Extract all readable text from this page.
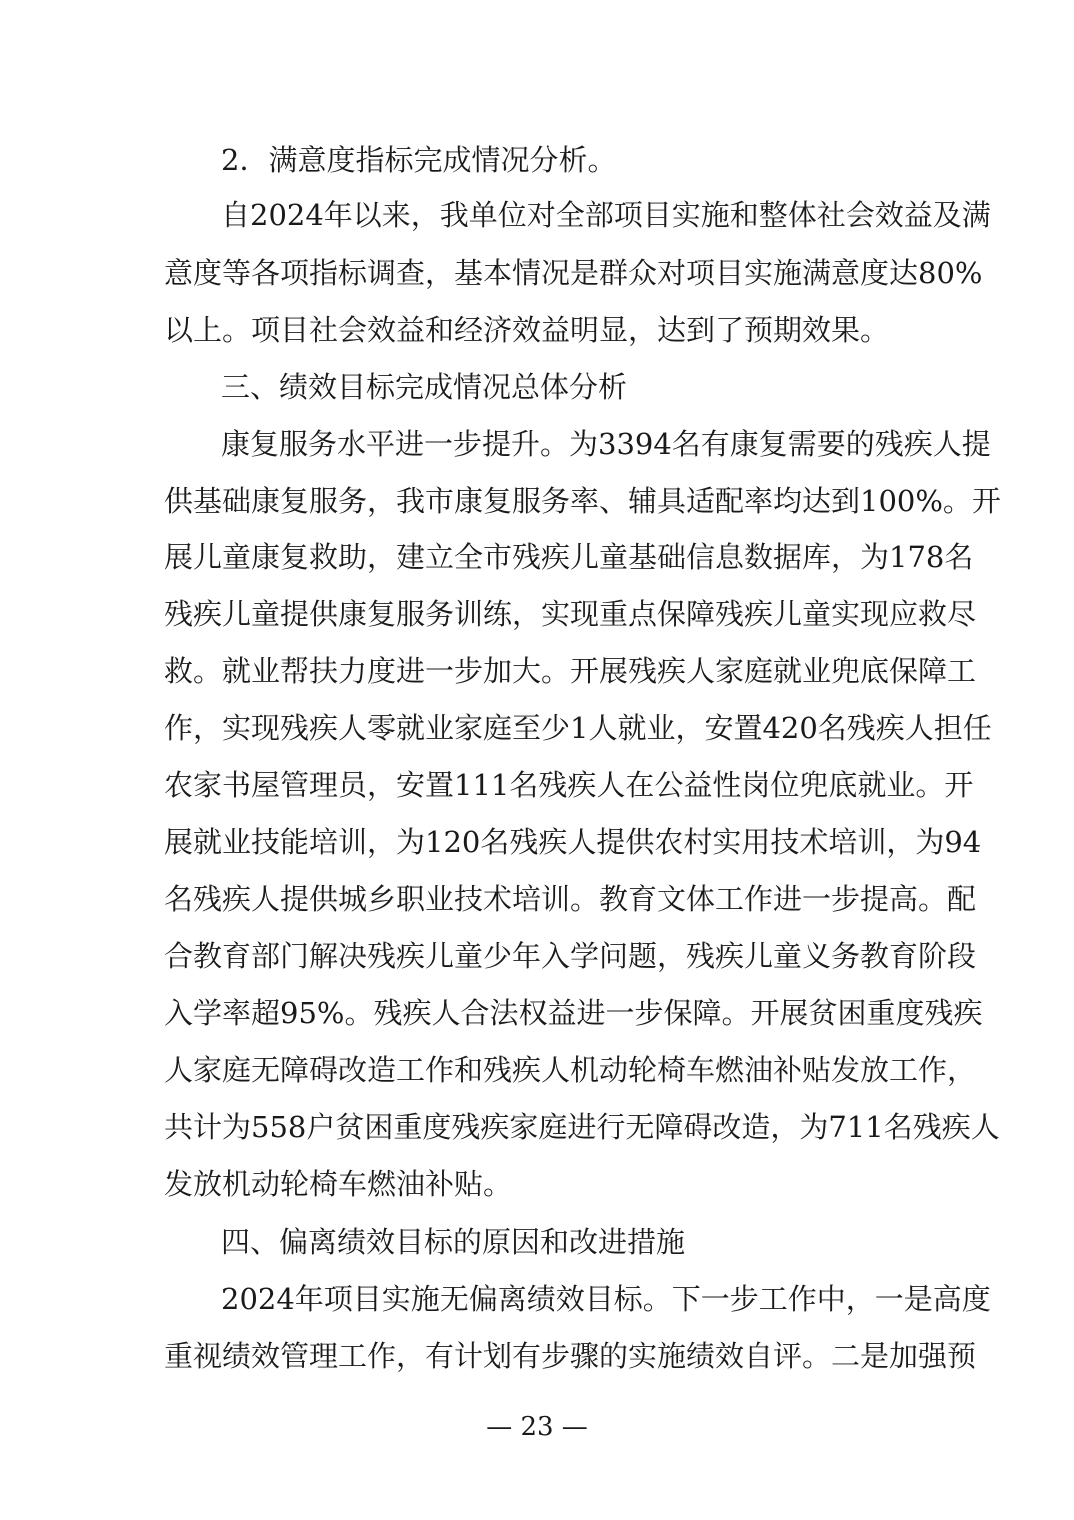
2．满意度指标完成情况分析。
自2024年以来，我单位对全部项目实施和整体社会效益及满
意度等各项指标调查，基本情况是群众对项目实施满意度达80%
以上。项目社会效益和经济效益明显，达到了预期效果。
三、绩效目标完成情况总体分析
康复服务水平进一步提升。为3394名有康复需要的残疾人提
供基础康复服务，我市康复服务率、辅具适配率均达到100%。开
展儿童康复救助，建立全市残疾儿童基础信息数据库，为178名
残疾儿童提供康复服务训练，实现重点保障残疾儿童实现应救尽
救。就业帮扶力度进一步加大。开展残疾人家庭就业兜底保障工
作，实现残疾人零就业家庭至少1人就业，安置420名残疾人担任
农家书屋管理员，安置111名残疾人在公益性岗位兜底就业。开
展就业技能培训，为120名残疾人提供农村实用技术培训，为94
名残疾人提供城乡职业技术培训。教育文体工作进一步提高。配
合教育部门解决残疾儿童少年入学问题，残疾儿童义务教育阶段
入学率超95%。残疾人合法权益进一步保障。开展贫困重度残疾
人家庭无障碍改造工作和残疾人机动轮椅车燃油补贴发放工作，
共计为558户贫困重度残疾家庭进行无障碍改造，为711名残疾人
发放机动轮椅车燃油补贴。
四、偏离绩效目标的原因和改进措施
2024年项目实施无偏离绩效目标。下一步工作中，一是高度
重视绩效管理工作，有计划有步骤的实施绩效自评。二是加强预
— 23 —
